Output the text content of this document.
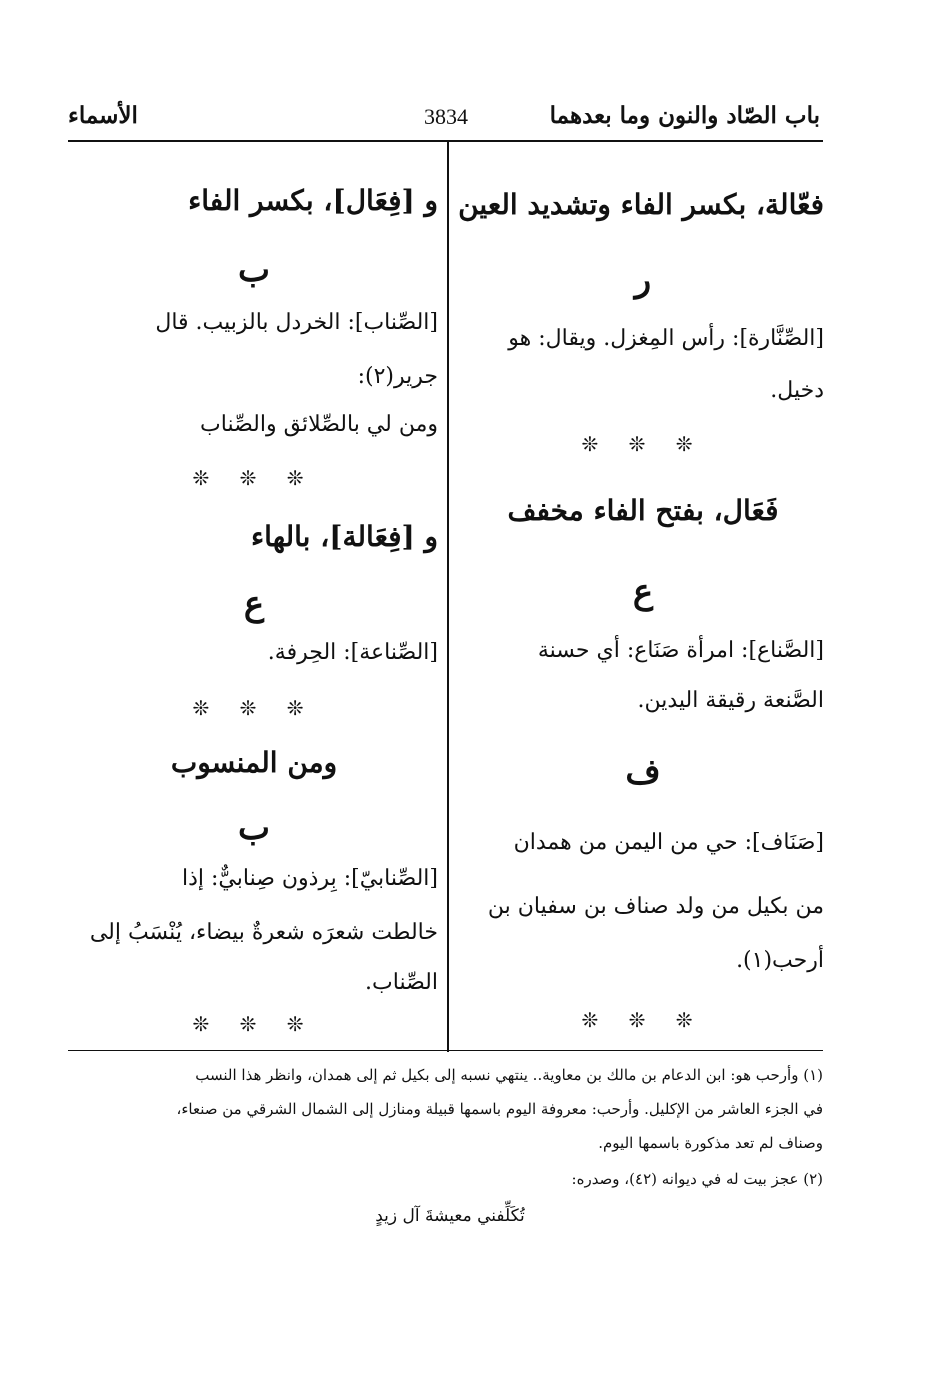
باب الصّاد والنون وما بعدهما
3834
الأسماء
فعّالة، بكسر الفاء وتشديد العين
ر
[الصِّنَّارة]: رأس المِغزل. ويقال: هو
دخيل.
❊ ❊ ❊
فَعَال، بفتح الفاء مخفف
ع
[الصَّناع]: امرأة صَنَاع: أي حسنة
الصَّنعة رقيقة اليدين.
ف
[صَنَاف]: حي من اليمن من همدان
من بكيل من ولد صناف بن سفيان بن
أرحب(١).
❊ ❊ ❊
و [فِعَال]، بكسر الفاء
ب
[الصِّناب]: الخردل بالزبيب. قال
جرير(٢):
ومن لي بالصِّلائق والصِّناب
❊ ❊ ❊
و [فِعَالة]، بالهاء
ع
[الصِّناعة]: الحِرفة.
❊ ❊ ❊
ومن المنسوب
ب
[الصِّنابيّ]: بِرذون صِنابيٌّ: إذا
خالطت شعرَه شعرةٌ بيضاء، يُنْسَبُ إلى
الصِّناب.
❊ ❊ ❊
(١) وأرحب هو: ابن الدعام بن مالك بن معاوية.. ينتهي نسبه إلى بكيل ثم إلى همدان، وانظر هذا النسب
في الجزء العاشر من الإكليل. وأرحب: معروفة اليوم باسمها قبيلة ومنازل إلى الشمال الشرقي من صنعاء،
وصناف لم تعد مذكورة باسمها اليوم.
(٢) عجز بيت له في ديوانه (٤٢)، وصدره:
تُكَلِّفني معيشةَ آل زيدٍ
